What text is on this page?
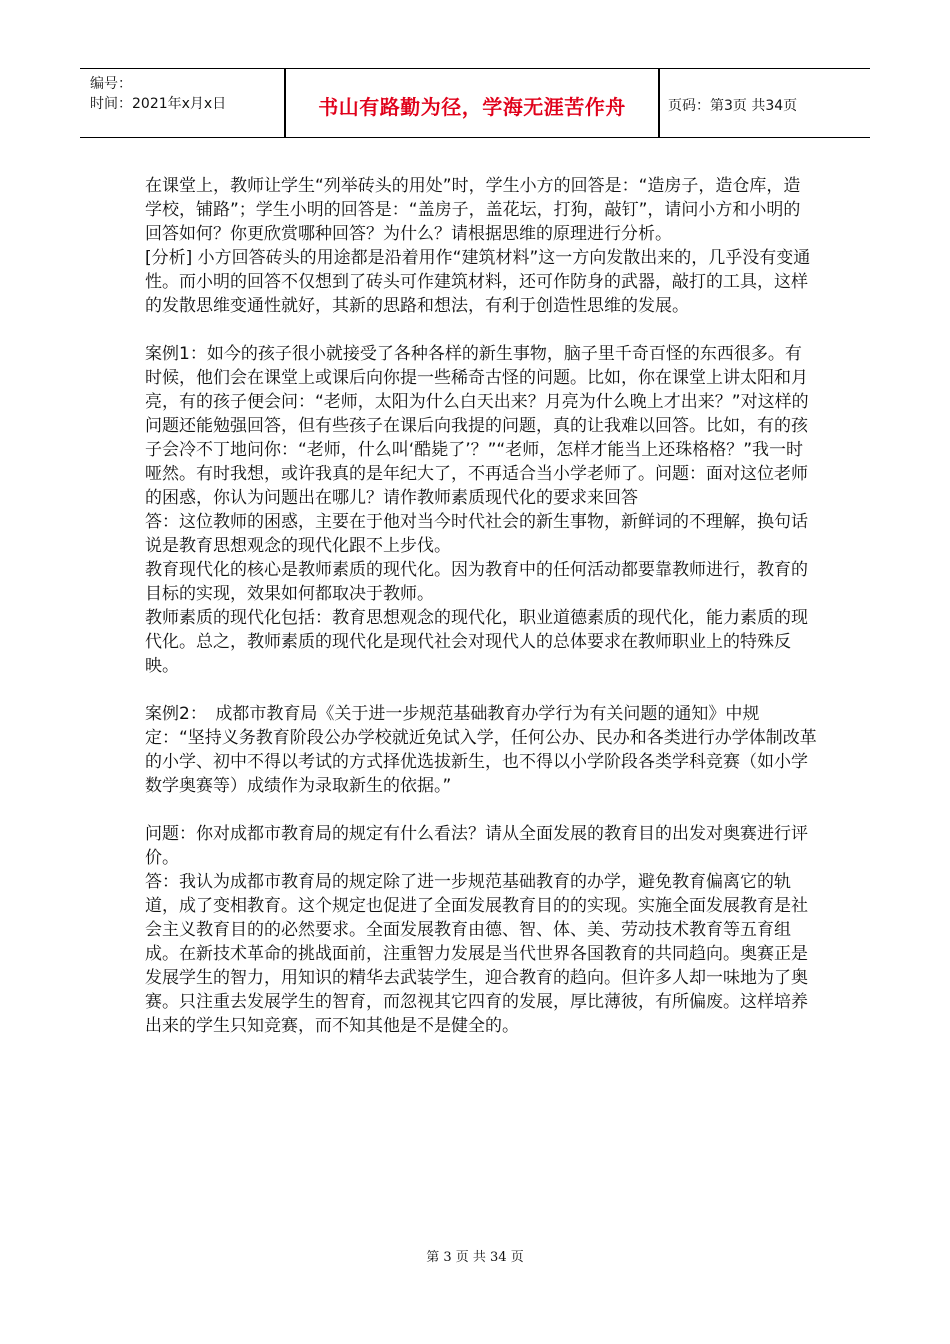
编号：
时间：2021年x月x日	书山有路勤为径，学海无涯苦作舟	页码：第3页 共34页

在课堂上，教师让学生“列举砖头的用处”时，学生小方的回答是：“造房子，造仓库，造学校，铺路”；学生小明的回答是：“盖房子，盖花坛，打狗，敲钉”，请问小方和小明的回答如何？你更欣赏哪种回答？为什么？请根据思维的原理进行分析。

[分析] 小方回答砖头的用途都是沿着用作“建筑材料”这一方向发散出来的，几乎没有变通性。而小明的回答不仅想到了砖头可作建筑材料，还可作防身的武器，敲打的工具，这样的发散思维变通性就好，其新的思路和想法，有利于创造性思维的发展。

案例1：如今的孩子很小就接受了各种各样的新生事物，脑子里千奇百怪的东西很多。有时候，他们会在课堂上或课后向你提一些稀奇古怪的问题。比如，你在课堂上讲太阳和月亮，有的孩子便会问：“老师，太阳为什么白天出来？月亮为什么晚上才出来？”对这样的问题还能勉强回答，但有些孩子在课后向我提的问题，真的让我难以回答。比如，有的孩子会冷不丁地问你：“老师，什么叫‘酷毙了’？”“老师，怎样才能当上还珠格格？”我一时哑然。有时我想，或许我真的是年纪大了，不再适合当小学老师了。问题：面对这位老师的困惑，你认为问题出在哪儿？请作教师素质现代化的要求来回答

答：这位教师的困惑，主要在于他对当今时代社会的新生事物，新鲜词的不理解，换句话说是教育思想观念的现代化跟不上步伐。

教育现代化的核心是教师素质的现代化。因为教育中的任何活动都要靠教师进行，教育的目标的实现，效果如何都取决于教师。

教师素质的现代化包括：教育思想观念的现代化，职业道德素质的现代化，能力素质的现代化。总之，教师素质的现代化是现代社会对现代人的总体要求在教师职业上的特殊反映。

案例2：　成都市教育局《关于进一步规范基础教育办学行为有关问题的通知》中规定：“坚持义务教育阶段公办学校就近免试入学，任何公办、民办和各类进行办学体制改革的小学、初中不得以考试的方式择优选拔新生，也不得以小学阶段各类学科竞赛（如小学数学奥赛等）成绩作为录取新生的依据。”

问题：你对成都市教育局的规定有什么看法？请从全面发展的教育目的出发对奥赛进行评价。

答：我认为成都市教育局的规定除了进一步规范基础教育的办学，避免教育偏离它的轨道，成了变相教育。这个规定也促进了全面发展教育目的的实现。实施全面发展教育是社会主义教育目的的必然要求。全面发展教育由德、智、体、美、劳动技术教育等五育组成。在新技术革命的挑战面前，注重智力发展是当代世界各国教育的共同趋向。奥赛正是发展学生的智力，用知识的精华去武装学生，迎合教育的趋向。但许多人却一味地为了奥赛。只注重去发展学生的智育，而忽视其它四育的发展，厚比薄彼，有所偏废。这样培养出来的学生只知竞赛，而不知其他是不是健全的。

第 3 页 共 34 页
